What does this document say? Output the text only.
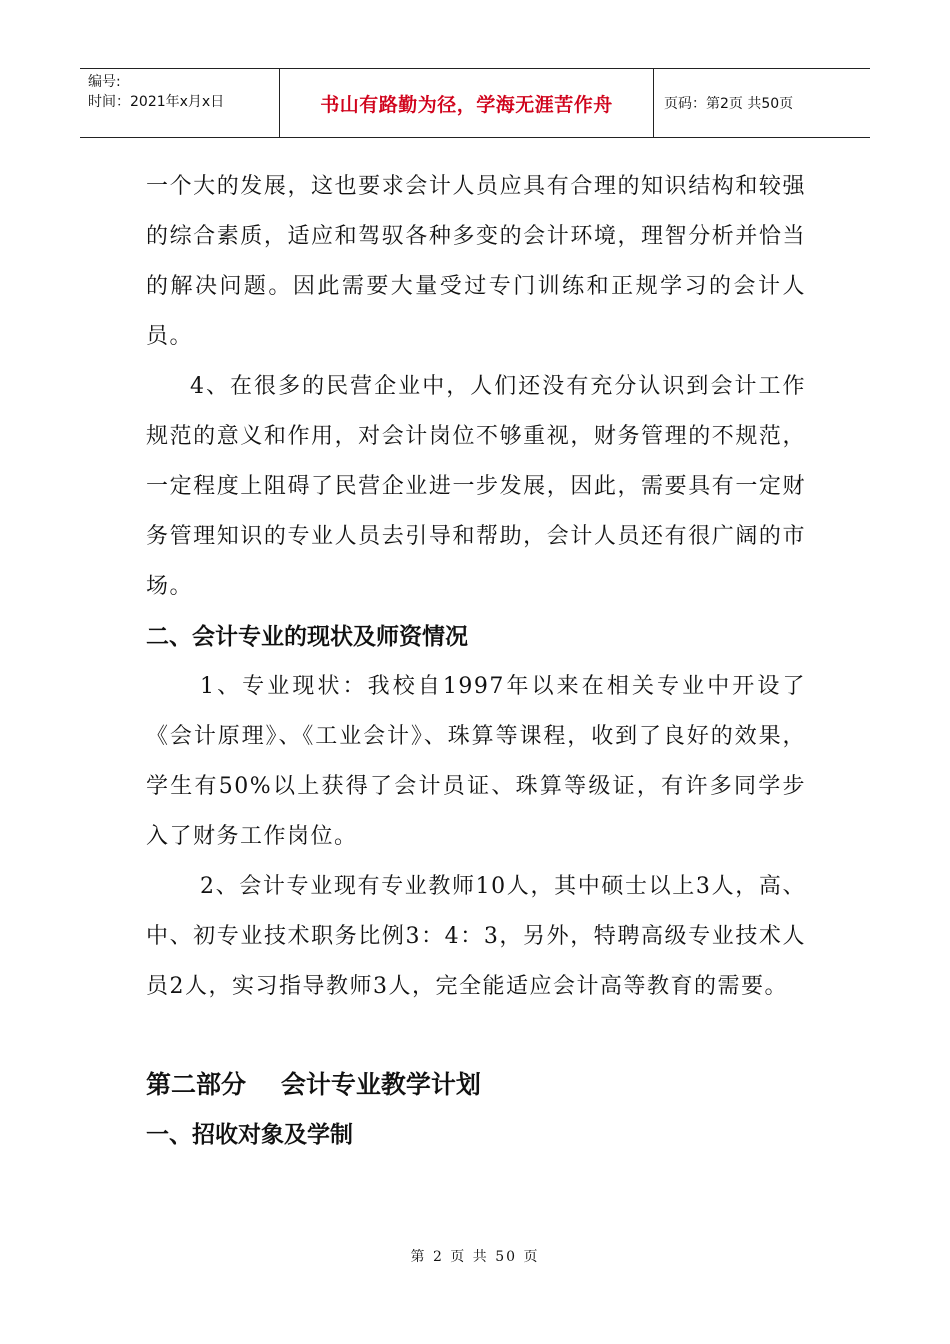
编号:
时间：2021年x月x日	书山有路勤为径，学海无涯苦作舟	页码：第2页 共50页

一个大的发展，这也要求会计人员应具有合理的知识结构和较强的综合素质，适应和驾驭各种多变的会计环境，理智分析并恰当的解决问题。因此需要大量受过专门训练和正规学习的会计人员。

4、在很多的民营企业中，人们还没有充分认识到会计工作规范的意义和作用，对会计岗位不够重视，财务管理的不规范，一定程度上阻碍了民营企业进一步发展，因此，需要具有一定财务管理知识的专业人员去引导和帮助，会计人员还有很广阔的市场。

二、会计专业的现状及师资情况

1、专业现状：我校自1997年以来在相关专业中开设了《会计原理》、《工业会计》、珠算等课程，收到了良好的效果，学生有50%以上获得了会计员证、珠算等级证，有许多同学步入了财务工作岗位。

2、会计专业现有专业教师10人，其中硕士以上3人，高、中、初专业技术职务比例3：4：3，另外，特聘高级专业技术人员2人，实习指导教师3人，完全能适应会计高等教育的需要。

第二部分    会计专业教学计划
一、招收对象及学制
第 2 页 共 50 页
